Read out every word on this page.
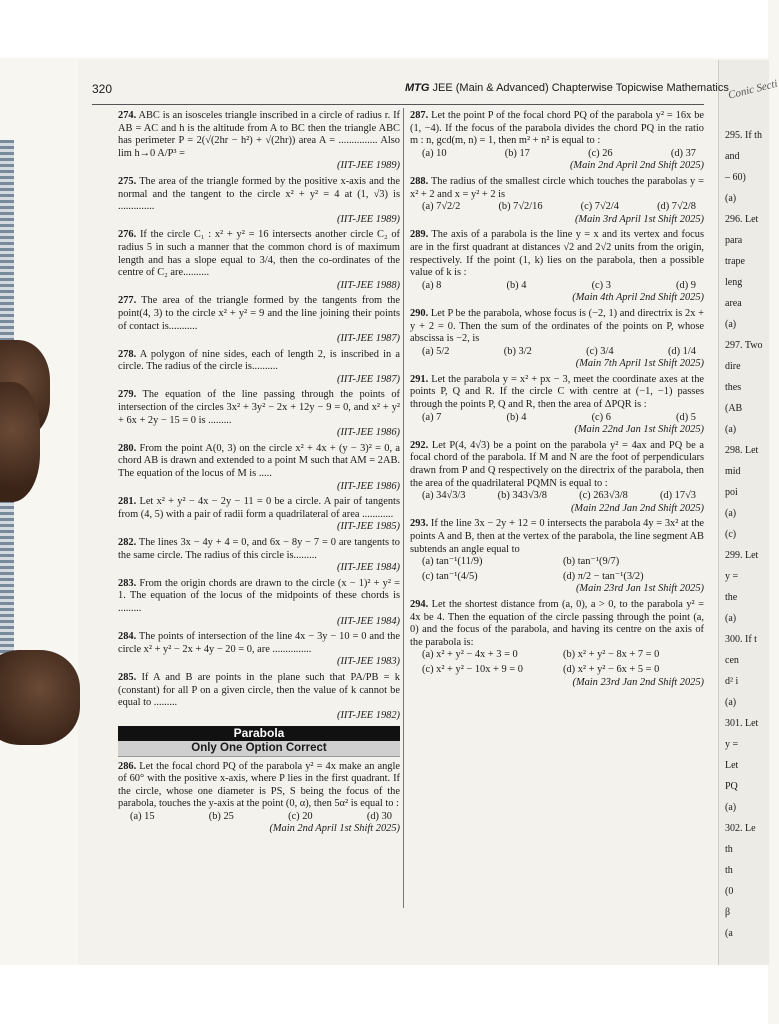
Conic Secti
295. If th
and
– 60)
(a)
296. Let
para
trape
leng
area
(a)
297. Two
dire
thes
(AB
(a)
298. Let
mid
poi
(a)
(c)
299. Let
y =
the
(a)
300. If t
cen
d² i
(a)
301. Let
y =
Let
PQ
(a)
302. Le
th
th
(0
β
(a
320	MTG JEE (Main & Advanced) Chapterwise Topicwise Mathematics
274. ABC is an isosceles triangle inscribed in a circle of radius r. If AB = AC and h is the altitude from A to BC then the triangle ABC has perimeter P = 2(√(2hr − h²) + √(2hr)) area A = ............... Also lim h→0 A/P³ =
(IIT-JEE 1989)
275. The area of the triangle formed by the positive x-axis and the normal and the tangent to the circle x² + y² = 4 at (1, √3) is ..............
(IIT-JEE 1989)
276. If the circle C₁ : x² + y² = 16 intersects another circle C₂ of radius 5 in such a manner that the common chord is of maximum length and has a slope equal to 3/4, then the co-ordinates of the centre of C₂ are..........
(IIT-JEE 1988)
277. The area of the triangle formed by the tangents from the point(4, 3) to the circle x² + y² = 9 and the line joining their points of contact is...........
(IIT-JEE 1987)
278. A polygon of nine sides, each of length 2, is inscribed in a circle. The radius of the circle is..........
(IIT-JEE 1987)
279. The equation of the line passing through the points of intersection of the circles 3x² + 3y² − 2x + 12y − 9 = 0, and x² + y² + 6x + 2y − 15 = 0 is .........
(IIT-JEE 1986)
280. From the point A(0, 3) on the circle x² + 4x + (y − 3)² = 0, a chord AB is drawn and extended to a point M such that AM = 2AB. The equation of the locus of M is .....
(IIT-JEE 1986)
281. Let x² + y² − 4x − 2y − 11 = 0 be a circle. A pair of tangents from (4, 5) with a pair of radii form a quadrilateral of area ............
(IIT-JEE 1985)
282. The lines 3x − 4y + 4 = 0, and 6x − 8y − 7 = 0 are tangents to the same circle. The radius of this circle is.........
(IIT-JEE 1984)
283. From the origin chords are drawn to the circle (x − 1)² + y² = 1. The equation of the locus of the midpoints of these chords is .........
(IIT-JEE 1984)
284. The points of intersection of the line 4x − 3y − 10 = 0 and the circle x² + y² − 2x + 4y − 20 = 0, are ...............
(IIT-JEE 1983)
285. If A and B are points in the plane such that PA/PB = k (constant) for all P on a given circle, then the value of k cannot be equal to .........
(IIT-JEE 1982)
Parabola
Only One Option Correct
286. Let the focal chord PQ of the parabola y² = 4x make an angle of 60° with the positive x-axis, where P lies in the first quadrant. If the circle, whose one diameter is PS, S being the focus of the parabola, touches the y-axis at the point (0, α), then 5α² is equal to :
(a) 15	(b) 25	(c) 20	(d) 30
(Main 2nd April 1st Shift 2025)
287. Let the point P of the focal chord PQ of the parabola y² = 16x be (1, −4). If the focus of the parabola divides the chord PQ in the ratio m : n, gcd(m, n) = 1, then m² + n² is equal to :
(a) 10	(b) 17	(c) 26	(d) 37
(Main 2nd April 2nd Shift 2025)
288. The radius of the smallest circle which touches the parabolas y = x² + 2 and x = y² + 2 is
(a) 7√2/2	(b) 7√2/16	(c) 7√2/4	(d) 7√2/8
(Main 3rd April 1st Shift 2025)
289. The axis of a parabola is the line y = x and its vertex and focus are in the first quadrant at distances √2 and 2√2 units from the origin, respectively. If the point (1, k) lies on the parabola, then a possible value of k is :
(a) 8	(b) 4	(c) 3	(d) 9
(Main 4th April 2nd Shift 2025)
290. Let P be the parabola, whose focus is (−2, 1) and directrix is 2x + y + 2 = 0. Then the sum of the ordinates of the points on P, whose abscissa is −2, is
(a) 5/2	(b) 3/2	(c) 3/4	(d) 1/4
(Main 7th April 1st Shift 2025)
291. Let the parabola y = x² + px − 3, meet the coordinate axes at the points P, Q and R. If the circle C with centre at (−1, −1) passes through the points P, Q and R, then the area of ΔPQR is :
(a) 7	(b) 4	(c) 6	(d) 5
(Main 22nd Jan 1st Shift 2025)
292. Let P(4, 4√3) be a point on the parabola y² = 4ax and PQ be a focal chord of the parabola. If M and N are the foot of perpendiculars drawn from P and Q respectively on the directrix of the parabola, then the area of the quadrilateral PQMN is equal to :
(a) 34√3/3	(b) 343√3/8	(c) 263√3/8	(d) 17√3
(Main 22nd Jan 2nd Shift 2025)
293. If the line 3x − 2y + 12 = 0 intersects the parabola 4y = 3x² at the points A and B, then at the vertex of the parabola, the line segment AB subtends an angle equal to
(a) tan⁻¹(11/9)	(b) tan⁻¹(9/7)
(c) tan⁻¹(4/5)	(d) π/2 − tan⁻¹(3/2)
(Main 23rd Jan 1st Shift 2025)
294. Let the shortest distance from (a, 0), a > 0, to the parabola y² = 4x be 4. Then the equation of the circle passing through the point (a, 0) and the focus of the parabola, and having its centre on the axis of the parabola is:
(a) x² + y² − 4x + 3 = 0	(b) x² + y² − 8x + 7 = 0
(c) x² + y² − 10x + 9 = 0	(d) x² + y² − 6x + 5 = 0
(Main 23rd Jan 2nd Shift 2025)
